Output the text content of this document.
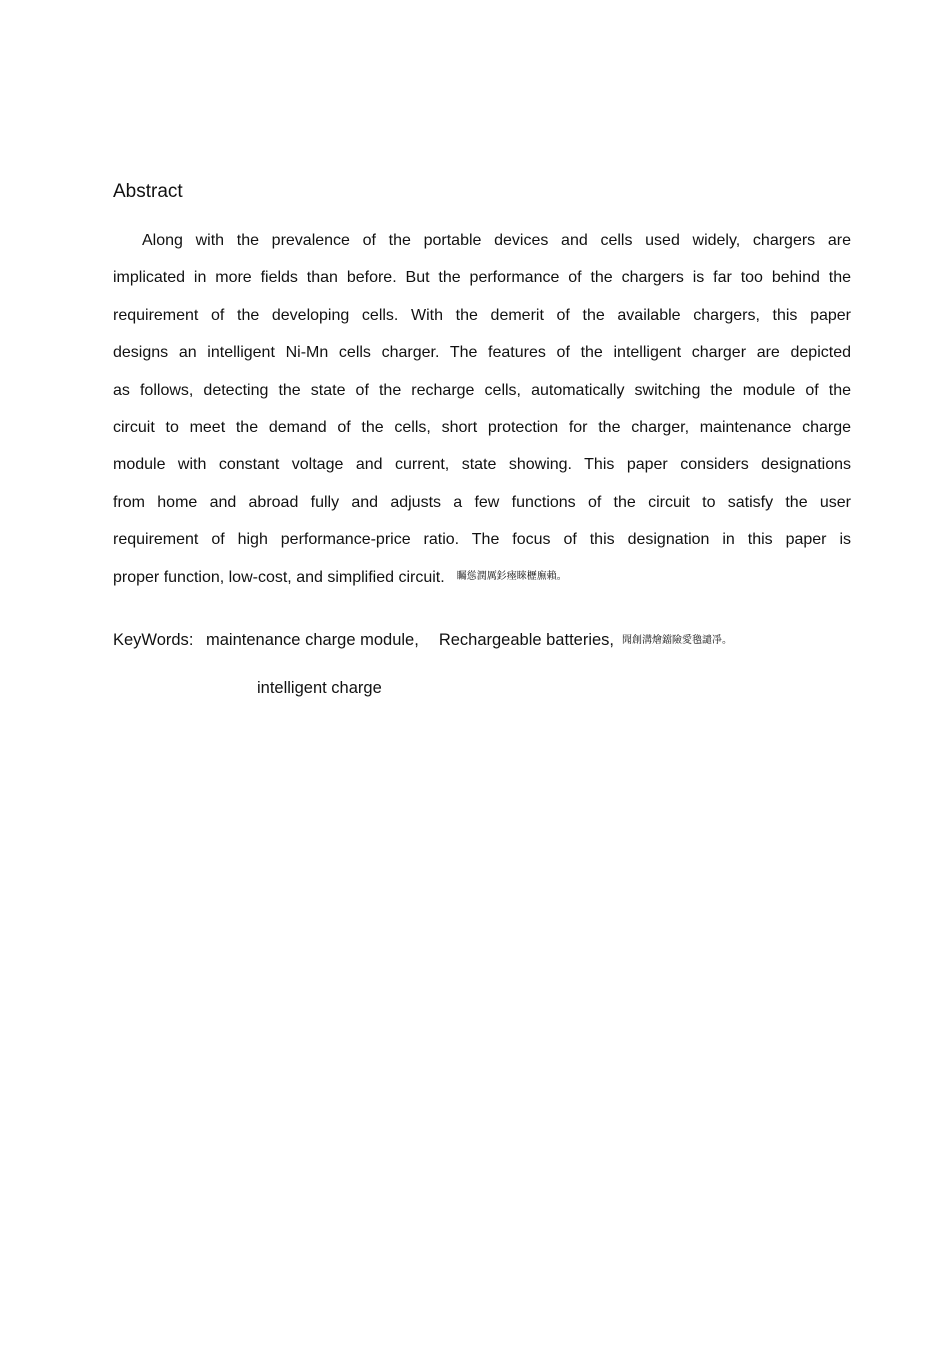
Abstract
Along with the prevalence of the portable devices and cells used widely, chargers are
implicated in more fields than before. But the performance of the chargers is far too behind the
requirement of the developing cells. With the demerit of the available chargers, this paper
designs an intelligent Ni-Mn cells charger. The features of the intelligent charger are depicted
as follows, detecting the state of the recharge cells, automatically switching the module of the
circuit to meet the demand of the cells, short protection for the charger, maintenance charge
module with constant voltage and current, state showing. This paper considers designations
from home and abroad fully and adjusts a few functions of the circuit to satisfy the user
requirement of high performance-price ratio. The focus of this designation in this paper is
proper function, low-cost, and simplified circuit. 矚慫潤厲釤瘞睞櫪廡賴。
KeyWords: maintenance charge module, Rechargeable batteries, 聞創溝燴鐺險愛氌譴凈。
intelligent charge
